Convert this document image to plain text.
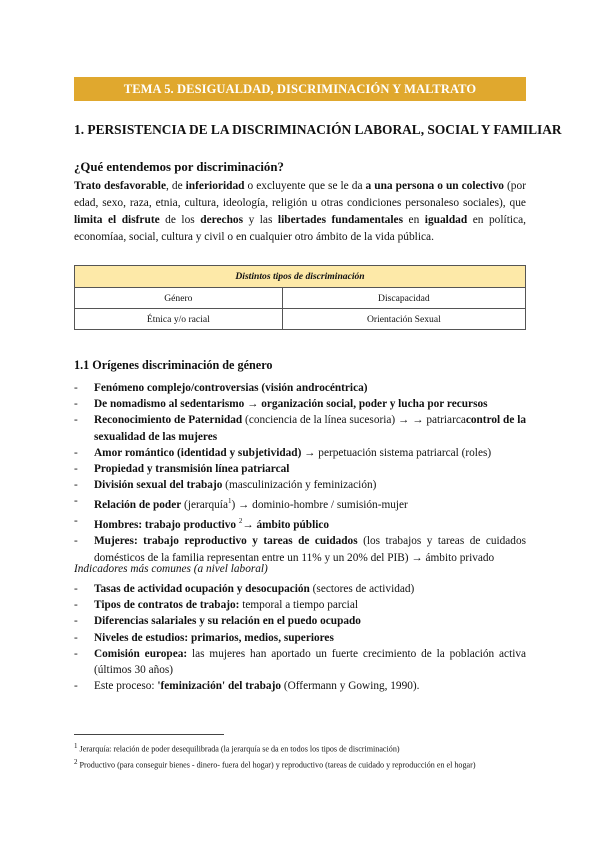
TEMA 5. DESIGUALDAD, DISCRIMINACIÓN Y MALTRATO
1. PERSISTENCIA DE LA DISCRIMINACIÓN LABORAL, SOCIAL Y FAMILIAR
¿Qué entendemos por discriminación?
Trato desfavorable, de inferioridad o excluyente que se le da a una persona o un colectivo (por edad, sexo, raza, etnia, cultura, ideología, religión u otras condiciones personaleso sociales), que limita el disfrute de los derechos y las libertades fundamentales en igualdad en política, economíaa, social, cultura y civil o en cualquier otro ámbito de la vida pública.
Distintos tipos de discriminación	
Género	Discapacidad
Étnica y/o racial	Orientación Sexual
1.1 Orígenes discriminación de género
- Fenómeno complejo/controversias (visión androcéntrica)
- De nomadismo al sedentarismo → organización social, poder y lucha por recursos
- Reconocimiento de Paternidad (conciencia de la línea sucesoria) → → patriarcacontrol de la sexualidad de las mujeres
- Amor romántico (identidad y subjetividad) → perpetuación sistema patriarcal (roles)
- Propiedad y transmisión línea patriarcal
- División sexual del trabajo (masculinización y feminización)
- Relación de poder (jerarquía$^1$) → dominio-hombre / sumisión-mujer
- Hombres: trabajo productivo $^2$→ ámbito público
- Mujeres: trabajo reproductivo y tareas de cuidados (los trabajos y tareas de cuidados domésticos de la familia representan entre un 11% y un 20% del PIB) → ámbito privado
Indicadores más comunes (a nivel laboral)
- Tasas de actividad ocupación y desocupación (sectores de actividad)
- Tipos de contratos de trabajo: temporal a tiempo parcial
- Diferencias salariales y su relación en el puedo ocupado
- Niveles de estudios: primarios, medios, superiores
- Comisión europea: las mujeres han aportado un fuerte crecimiento de la población activa (últimos 30 años)
- Este proceso: 'feminización' del trabajo (Offermann y Gowing, 1990).
$^1$ Jerarquía: relación de poder desequilibrada (la jerarquía se da en todos los tipos de discriminación)
$^2$ Productivo (para conseguir bienes - dinero- fuera del hogar) y reproductivo (tareas de cuidado y reproducción en el hogar)
